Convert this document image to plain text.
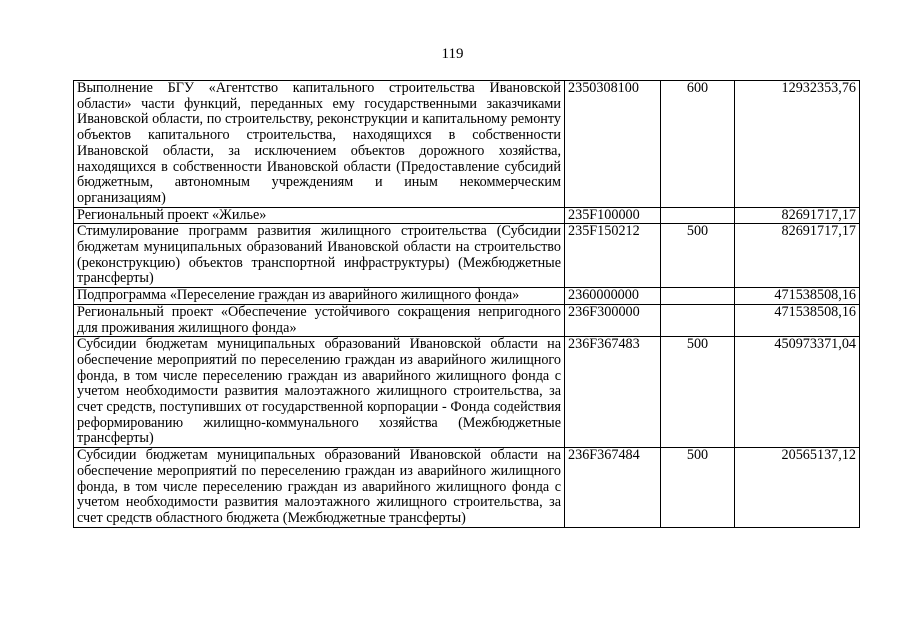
119
Выполнение БГУ «Агентство капитального строительства Ивановской области» части функций, переданных ему государственными заказчиками Ивановской области, по строительству, реконструкции и капитальному ремонту объектов капитального строительства, находящихся в собственности Ивановской области, за исключением объектов дорожного хозяйства, находящихся в собственности Ивановской области (Предоставление субсидий бюджетным, автономным учреждениям и иным некоммерческим организациям)	2350308100	600	12932353,76
Региональный проект «Жилье»	235F100000		82691717,17
Стимулирование программ развития жилищного строительства (Субсидии бюджетам муниципальных образований Ивановской области на строительство (реконструкцию) объектов транспортной инфраструктуры) (Межбюджетные трансферты)	235F150212	500	82691717,17
Подпрограмма «Переселение граждан из аварийного жилищного фонда»	2360000000		471538508,16
Региональный проект «Обеспечение устойчивого сокращения непригодного для проживания жилищного фонда»	236F300000		471538508,16
Субсидии бюджетам муниципальных образований Ивановской области на обеспечение мероприятий по переселению граждан из аварийного жилищного фонда, в том числе переселению граждан из аварийного жилищного фонда с учетом необходимости развития малоэтажного жилищного строительства, за счет средств, поступивших от государственной корпорации - Фонда содействия реформированию жилищно-коммунального хозяйства (Межбюджетные трансферты)	236F367483	500	450973371,04
Субсидии бюджетам муниципальных образований Ивановской области на обеспечение мероприятий по переселению граждан из аварийного жилищного фонда, в том числе переселению граждан из аварийного жилищного фонда с учетом необходимости развития малоэтажного жилищного строительства, за счет средств областного бюджета (Межбюджетные трансферты)	236F367484	500	20565137,12
